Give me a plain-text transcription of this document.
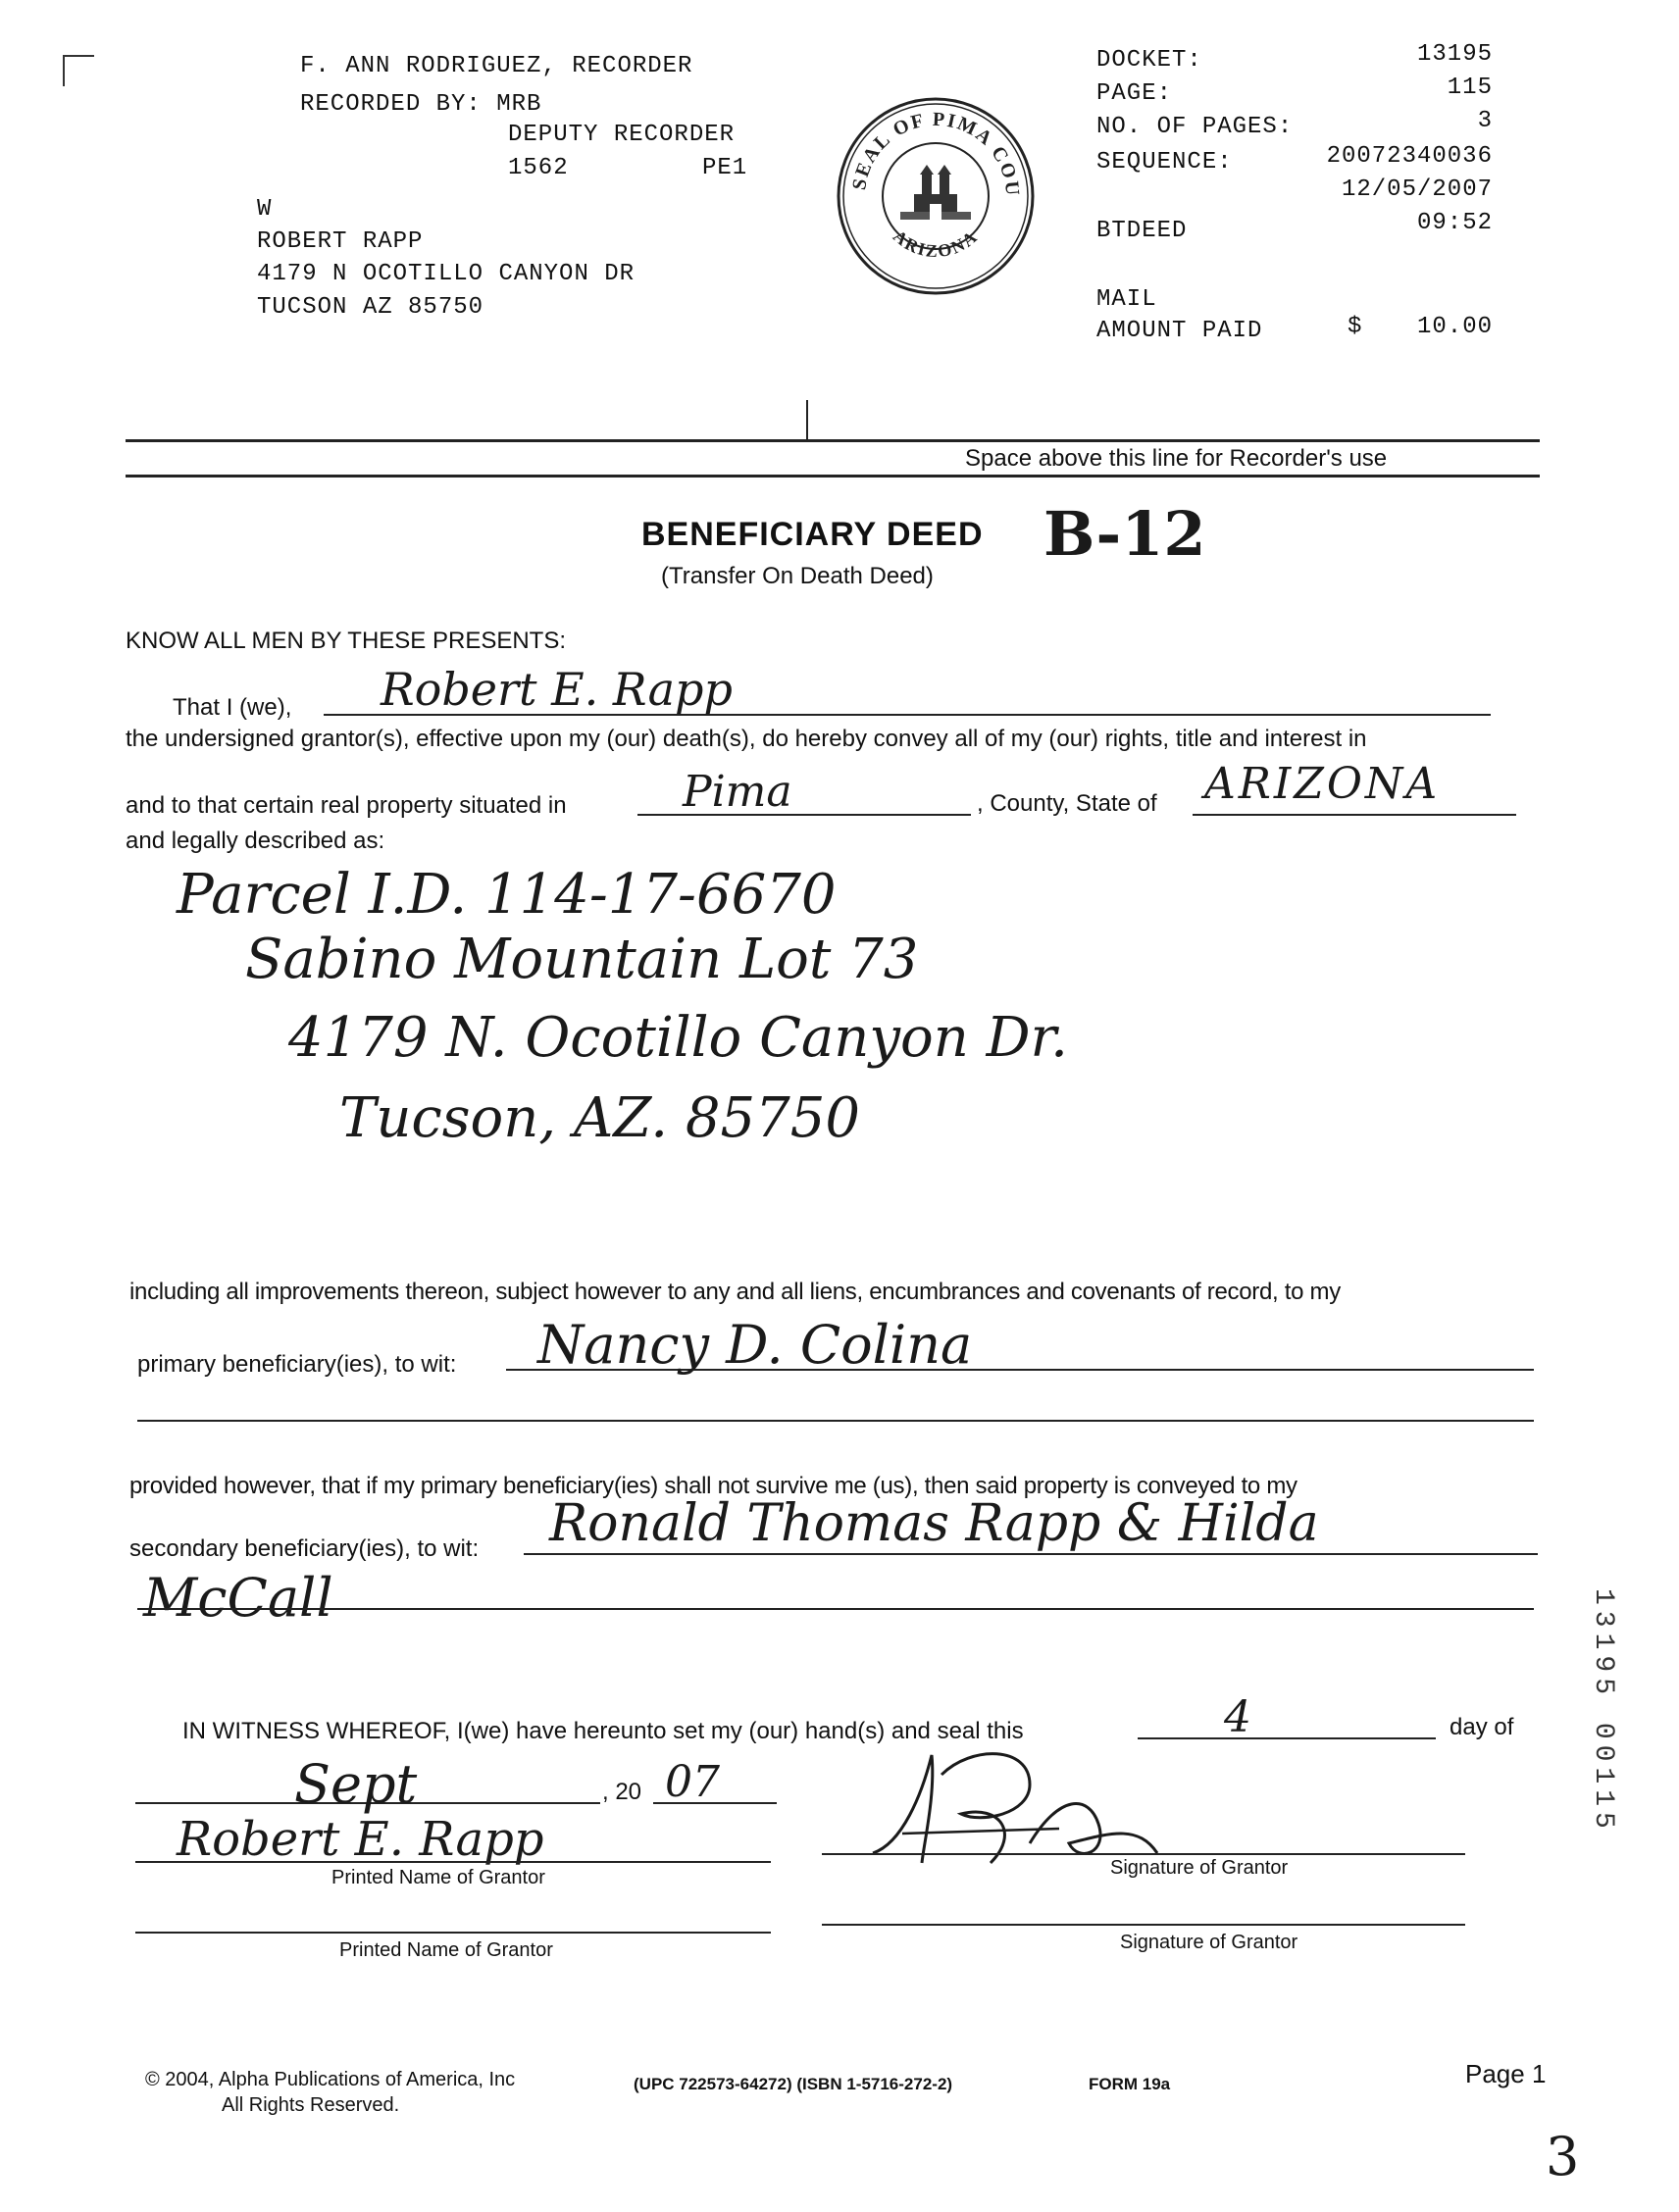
F. ANN RODRIGUEZ, RECORDER
RECORDED BY: MRB
DEPUTY RECORDER
1562	PE1
W
ROBERT RAPP
4179 N OCOTILLO CANYON DR
TUCSON AZ 85750
SEAL OF PIMA COU
ARIZONA
DOCKET:	13195
PAGE:	115
NO. OF PAGES:	3
SEQUENCE:	20072340036
12/05/2007
BTDEED	09:52
MAIL
AMOUNT PAID	$	10.00
Space above this line for Recorder's use
BENEFICIARY DEED B-12
(Transfer On Death Deed)
KNOW ALL MEN BY THESE PRESENTS:
That I (we), Robert E. Rapp
the undersigned grantor(s), effective upon my (our) death(s), do hereby convey all of my (our) rights, title and interest in
and to that certain real property situated in	Pima	, County, State of ARIZONA
and legally described as:
Parcel I.D. 114-17-6670
Sabino Mountain Lot 73
4179 N. Ocotillo Canyon Dr.
Tucson, AZ. 85750
including all improvements thereon, subject however to any and all liens, encumbrances and covenants of record, to my
primary beneficiary(ies), to wit: Nancy D. Colina
provided however, that if my primary beneficiary(ies) shall not survive me (us), then said property is conveyed to my
secondary beneficiary(ies), to wit: Ronald Thomas Rapp & Hilda
McCall
IN WITNESS WHEREOF, I(we) have hereunto set my (our) hand(s) and seal this	4	day of
Sept	, 20 07
Robert E. Rapp
Printed Name of Grantor	Signature of Grantor
Printed Name of Grantor	Signature of Grantor
13195 00115
© 2004, Alpha Publications of America, Inc
All Rights Reserved.
(UPC 722573-64272) (ISBN 1-5716-272-2)	FORM 19a	Page 1
3
